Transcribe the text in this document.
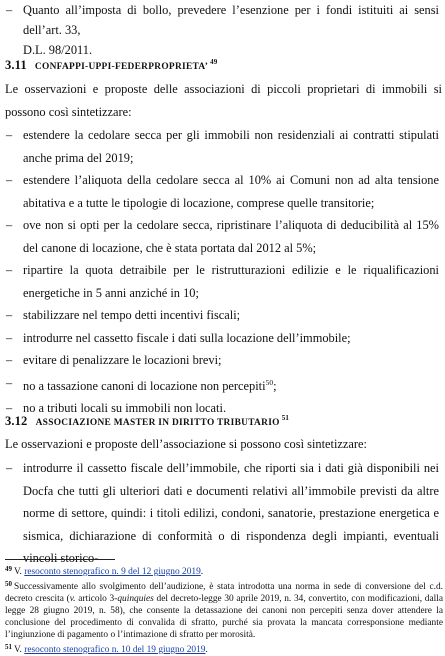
– Quanto all’imposta di bollo, prevedere l’esenzione per i fondi istituiti ai sensi dell’art. 33,
D.L. 98/2011.
3.11 CONFAPPI-UPPI-FEDERPROPRIETA’ $^{49}$
Le osservazioni e proposte delle associazioni di piccoli proprietari di immobili si possono così sintetizzare:
– estendere la cedolare secca per gli immobili non residenziali ai contratti stipulati anche prima del 2019;
– estendere l’aliquota della cedolare secca al 10% ai Comuni non ad alta tensione abitativa e a tutte le tipologie di locazione, comprese quelle transitorie;
– ove non si opti per la cedolare secca, ripristinare l’aliquota di deducibilità al 15% del canone di locazione, che è stata portata dal 2012 al 5%;
– ripartire la quota detraibile per le ristrutturazioni edilizie e le riqualificazioni energetiche in 5 anni anziché in 10;
– stabilizzare nel tempo detti incentivi fiscali;
– introdurre nel cassetto fiscale i dati sulla locazione dell’immobile;
– evitare di penalizzare le locazioni brevi;
– no a tassazione canoni di locazione non percepiti$^{50}$;
– no a tributi locali su immobili non locati.
3.12 ASSOCIAZIONE MASTER IN DIRITTO TRIBUTARIO $^{51}$
Le osservazioni e proposte dell’associazione si possono così sintetizzare:
– introdurre il cassetto fiscale dell’immobile, che riporti sia i dati già disponibili nei Docfa che tutti gli ulteriori dati e documenti relativi all’immobile previsti da altre norme di settore, quindi: i titoli edilizi, condoni, sanatorie, prestazione energetica e sismica, dichiarazione di conformità o di rispondenza degli impianti, eventuali vincoli storico-

$^{49}$ V. resoconto stenografico n. 9 del 12 giugno 2019.

$^{50}$ Successivamente allo svolgimento dell’audizione, è stata introdotta una norma in sede di conversione del c.d. decreto crescita (v. articolo 3-quinquies del decreto-legge 30 aprile 2019, n. 34, convertito, con modificazioni, dalla legge 28 giugno 2019, n. 58), che consente la detassazione dei canoni non percepiti senza dover attendere la conclusione del procedimento di convalida di sfratto, purché sia provata la mancata corresponsione mediante l’ingiunzione di pagamento o l’intimazione di sfratto per morosità.

$^{51}$ V. resoconto stenografico n. 10 del 19 giugno 2019.
